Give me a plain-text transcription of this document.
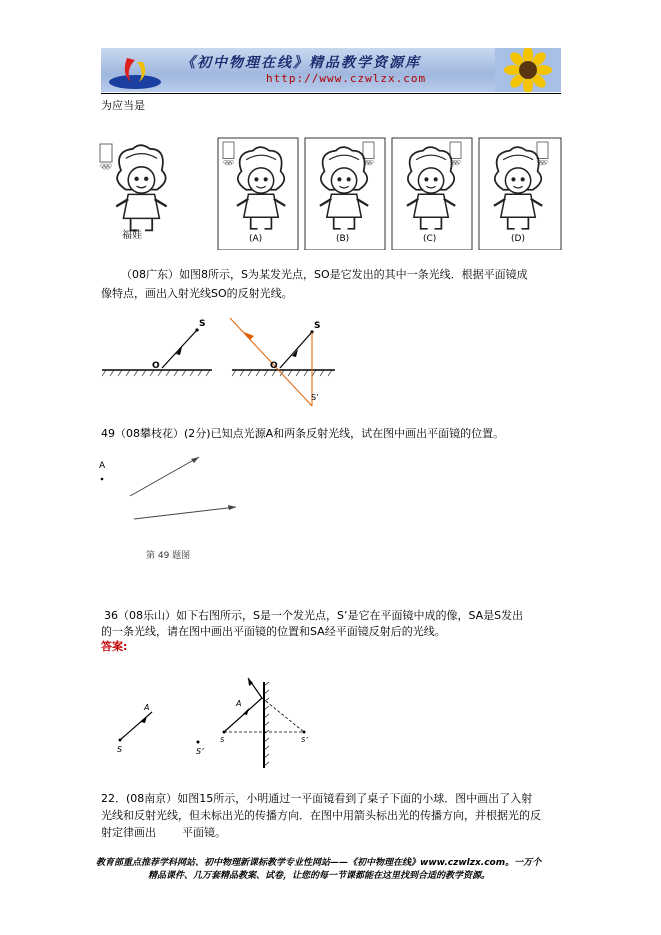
《初中物理在线》精品教学资源库
http://www.czwlzx.com
为应当是
福娃	(A)	(B)	(C)	(D)
（08广东）如图8所示，S为某发光点，SO是它发出的其中一条光线．根据平面镜成
像特点，画出入射光线SO的反射光线。
S
O
S
O
S’
49（08攀枝花）(2分)已知点光源A和两条反射光线，试在图中画出平面镜的位置。
A
第 49 题图
36（08乐山）如下右图所示，S是一个发光点，S’是它在平面镜中成的像，SA是S发出
的一条光线，请在图中画出平面镜的位置和SA经平面镜反射后的光线。
答案:
A
S	S’
A
S	S’
22．(08南京）如图15所示，小明通过一平面镜看到了桌子下面的小球．图中画出了入射
光线和反射光线，但未标出光的传播方向．在图中用箭头标出光的传播方向，并根据光的反
射定律画出 平面镜。
教育部重点推荐学科网站、初中物理新课标教学专业性网站——《初中物理在线》www.czwlzx.com。一万个
精品课件、几万套精品教案、试卷，让您的每一节课都能在这里找到合适的教学资源。
